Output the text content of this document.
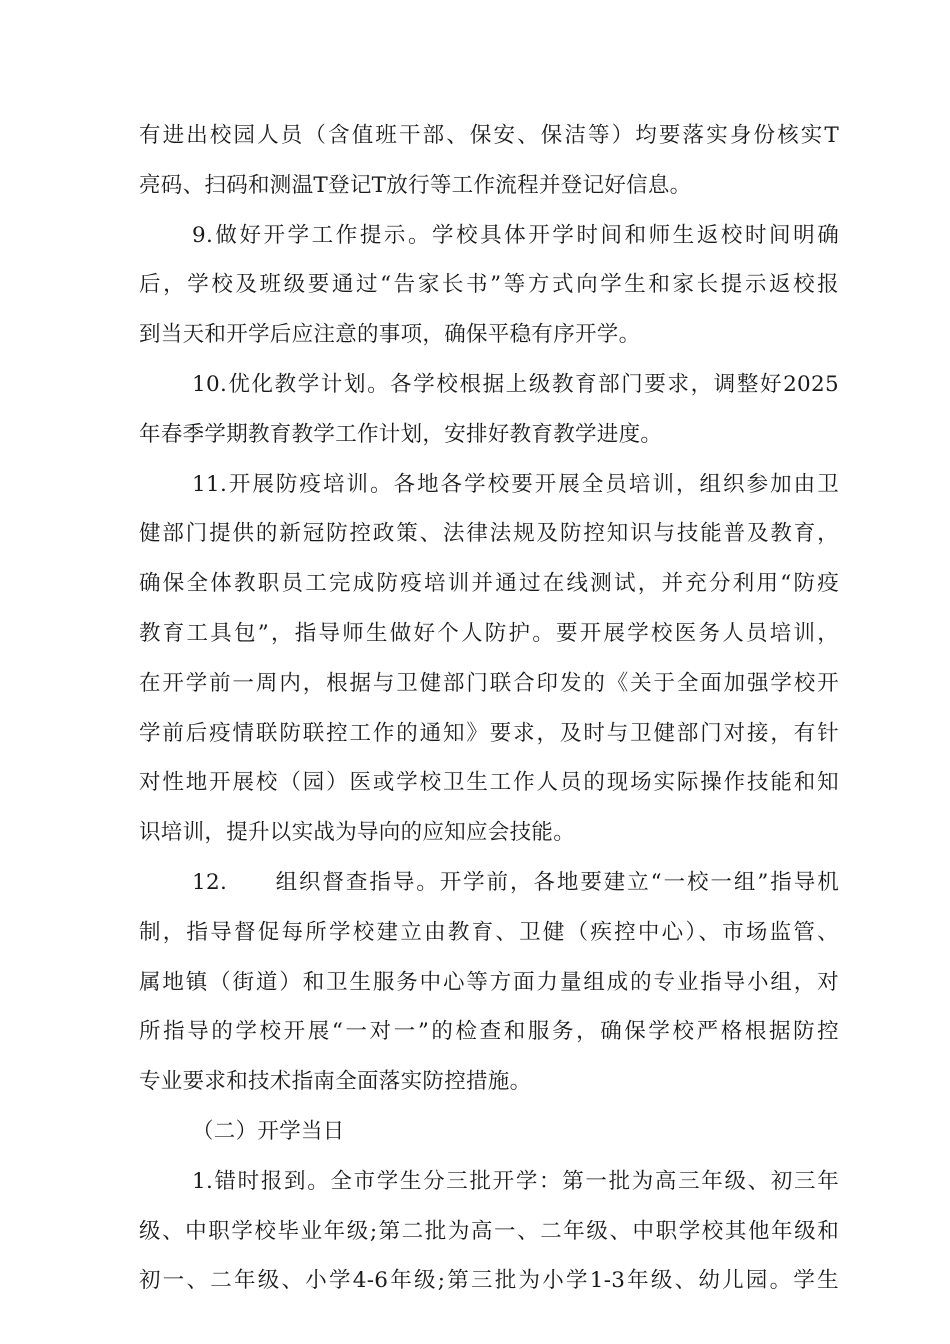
有进出校园人员（含值班干部、保安、保洁等）均要落实身份核实T
亮码、扫码和测温T登记T放行等工作流程并登记好信息。
9.做好开学工作提示。学校具体开学时间和师生返校时间明确
后，学校及班级要通过“告家长书”等方式向学生和家长提示返校报
到当天和开学后应注意的事项，确保平稳有序开学。
10.优化教学计划。各学校根据上级教育部门要求，调整好2025
年春季学期教育教学工作计划，安排好教育教学进度。
11.开展防疫培训。各地各学校要开展全员培训，组织参加由卫
健部门提供的新冠防控政策、法律法规及防控知识与技能普及教育，
确保全体教职员工完成防疫培训并通过在线测试，并充分利用“防疫
教育工具包”，指导师生做好个人防护。要开展学校医务人员培训，
在开学前一周内，根据与卫健部门联合印发的《关于全面加强学校开
学前后疫情联防联控工作的通知》要求，及时与卫健部门对接，有针
对性地开展校（园）医或学校卫生工作人员的现场实际操作技能和知
识培训，提升以实战为导向的应知应会技能。
12.　　组织督查指导。开学前，各地要建立“一校一组”指导机
制，指导督促每所学校建立由教育、卫健（疾控中心）、市场监管、
属地镇（街道）和卫生服务中心等方面力量组成的专业指导小组，对
所指导的学校开展“一对一”的检查和服务，确保学校严格根据防控
专业要求和技术指南全面落实防控措施。
（二）开学当日
1.错时报到。全市学生分三批开学：第一批为高三年级、初三年
级、中职学校毕业年级;第二批为高一、二年级、中职学校其他年级和
初一、二年级、小学4-6年级;第三批为小学1-3年级、幼儿园。学生
